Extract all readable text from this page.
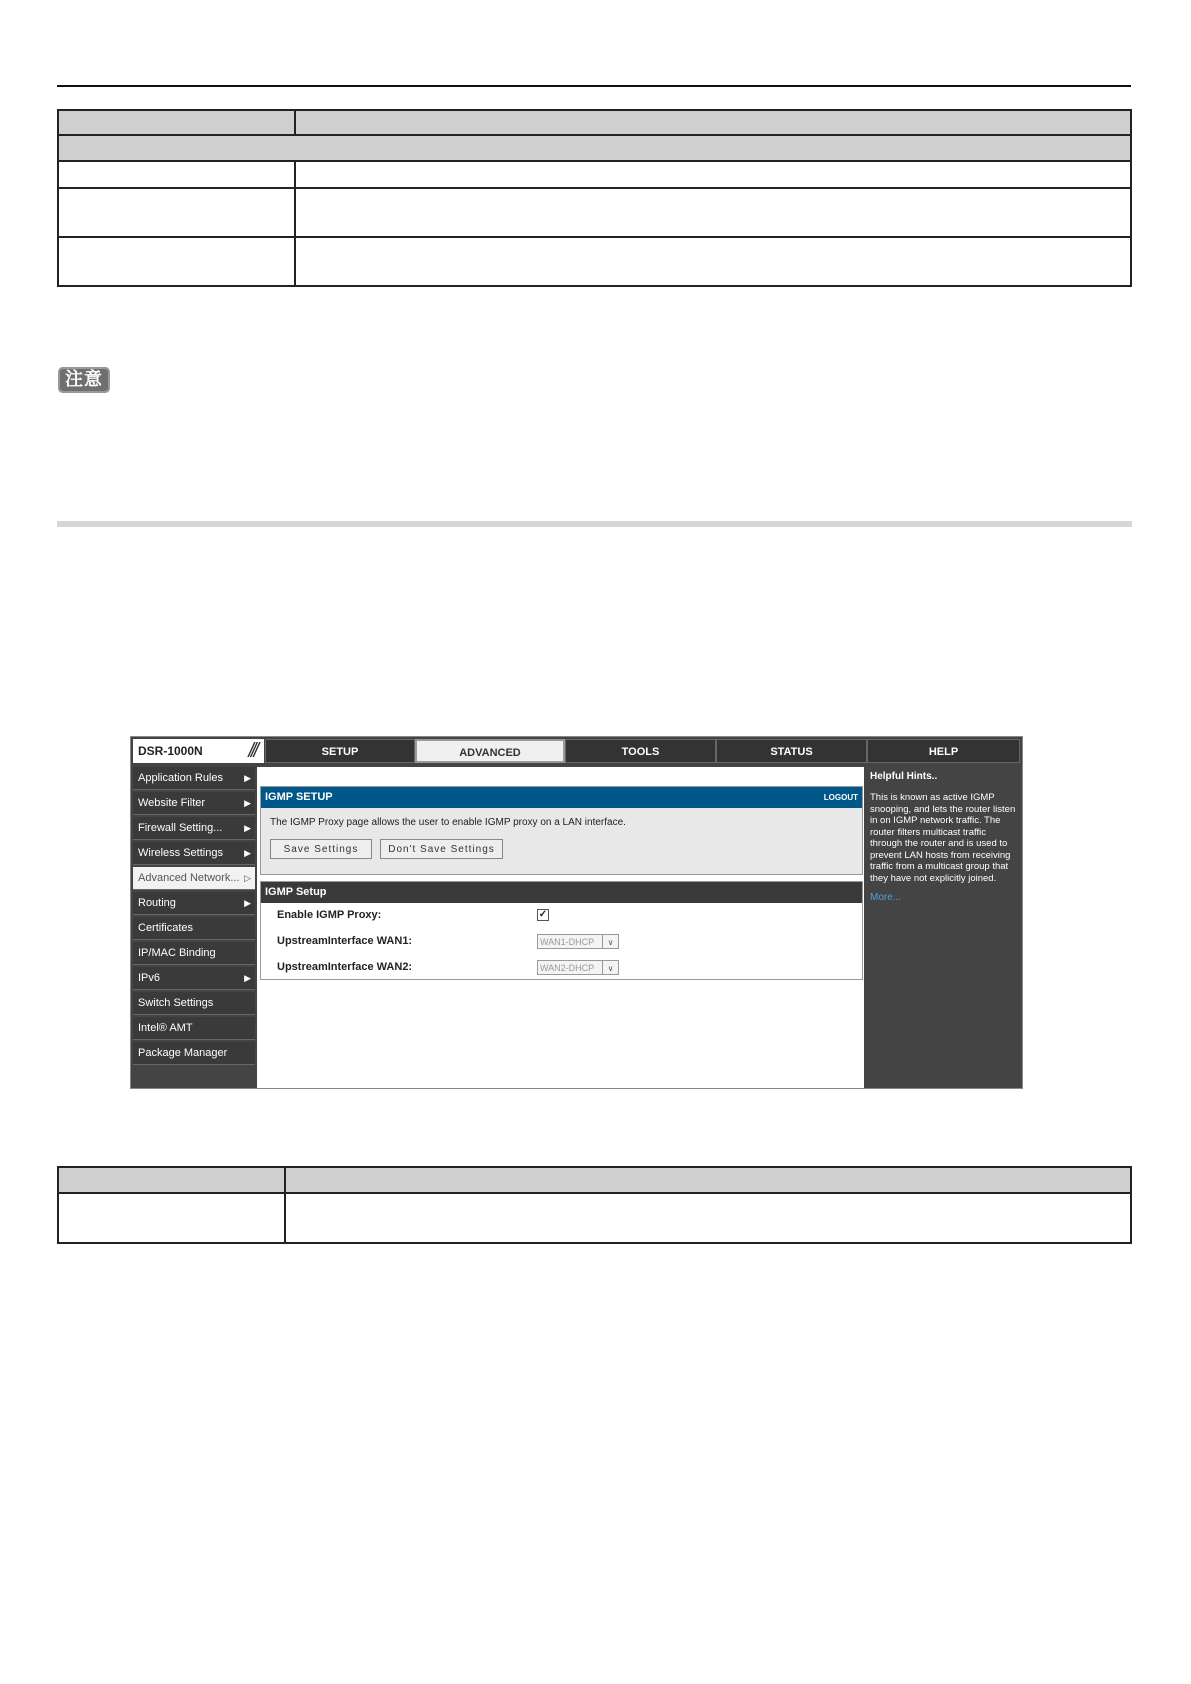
注意
DSR-1000N ///	SETUP	ADVANCED	TOOLS	STATUS	HELP
Application Rules ▶
Website Filter	▶
Firewall Setting... ▶
Wireless Settings ▶
Advanced Network... ▷
Routing	▶
Certificates
IP/MAC Binding
IPv6	▶
Switch Settings
Intel® AMT
Package Manager
IGMP SETUP	LOGOUT
The IGMP Proxy page allows the user to enable IGMP proxy on a LAN interface.
Save Settings	Don't Save Settings
IGMP Setup
Enable IGMP Proxy:	✓
UpstreamInterface WAN1:	WAN1-DHCP	∨
UpstreamInterface WAN2:	WAN2-DHCP	∨
Helpful Hints..
This is known as active IGMP snooping, and lets the router listen in on IGMP network traffic. The router filters multicast traffic through the router and is used to prevent LAN hosts from receiving traffic from a multicast group that they have not explicitly joined.
More...
